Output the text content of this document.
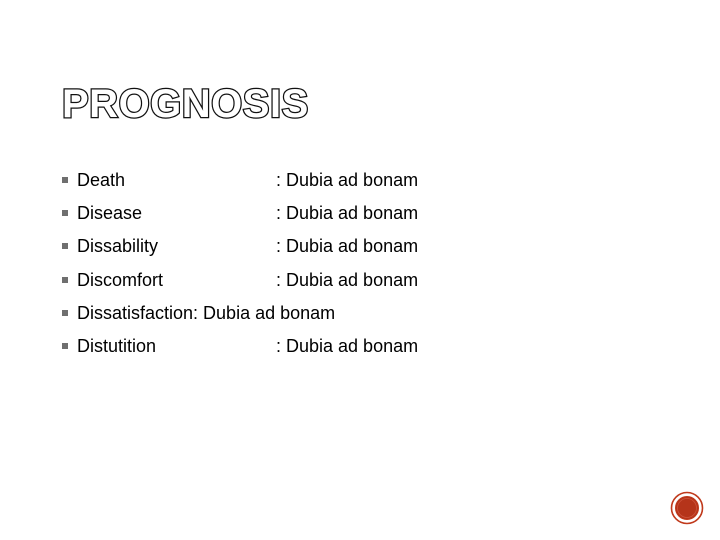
PROGNOSIS
Death	: Dubia ad bonam
Disease	: Dubia ad bonam
Dissability	: Dubia ad bonam
Discomfort	: Dubia ad bonam
Dissatisfaction: Dubia ad bonam
Distutition	: Dubia ad bonam
